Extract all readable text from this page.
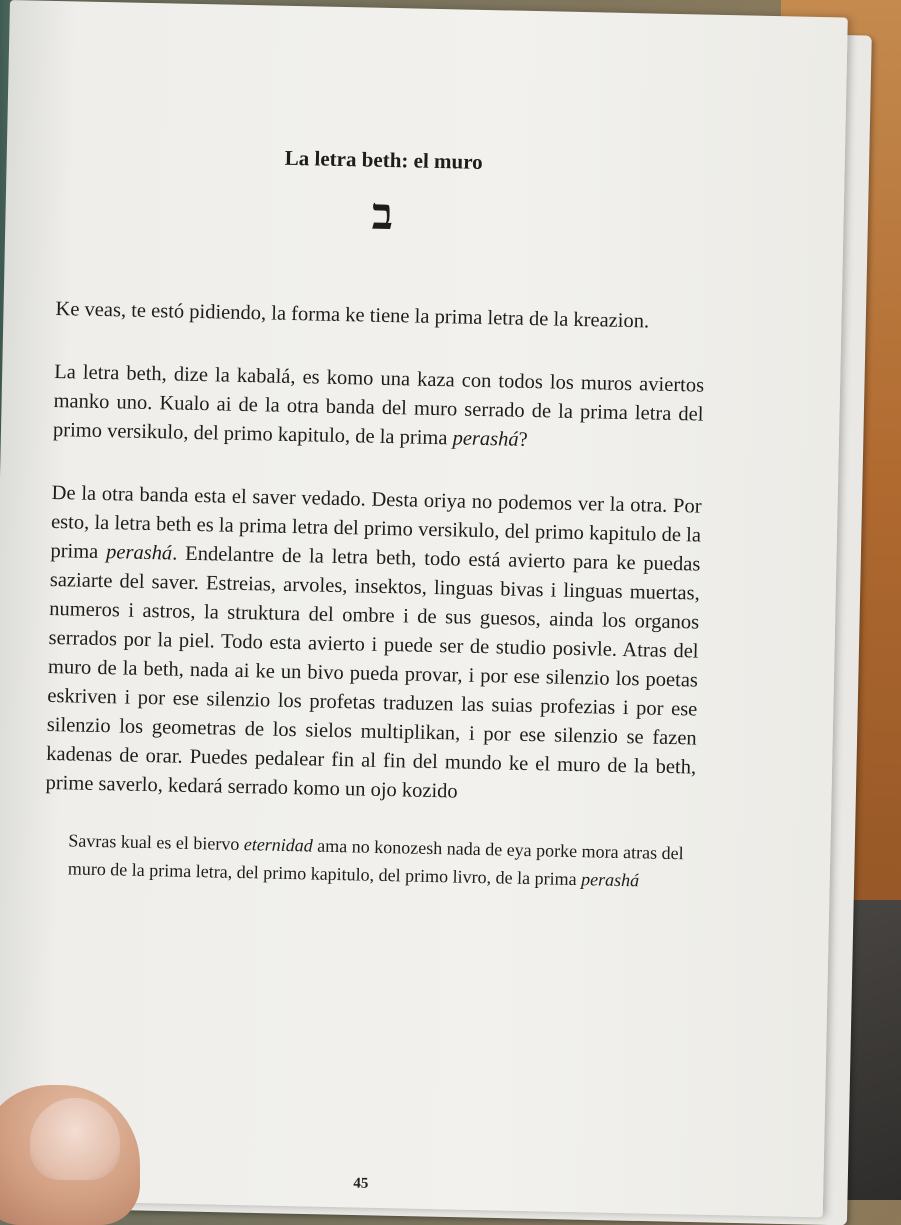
La letra beth: el muro
ב

Ke veas, te estó pidiendo, la forma ke tiene la prima letra de la kreazion.

La letra beth, dize la kabalá, es komo una kaza con todos los muros aviertos manko uno. Kualo ai de la otra banda del muro serrado de la prima letra del primo versikulo, del primo kapitulo, de la prima perashá?

De la otra banda esta el saver vedado. Desta oriya no podemos ver la otra. Por esto, la letra beth es la prima letra del primo versikulo, del primo kapitulo de la prima perashá. Endelantre de la letra beth, todo está avierto para ke puedas saziarte del saver. Estreias, arvoles, insektos, linguas bivas i linguas muertas, numeros i astros, la struktura del ombre i de sus guesos, ainda los organos serrados por la piel. Todo esta avierto i puede ser de studio posivle. Atras del muro de la beth, nada ai ke un bivo pueda provar, i por ese silenzio los poetas eskriven i por ese silenzio los profetas traduzen las suias profezias i por ese silenzio los geometras de los sielos multiplikan, i por ese silenzio se fazen kadenas de orar. Puedes pedalear fin al fin del mundo ke el muro de la beth, prime saverlo, kedará serrado komo un ojo kozido

Savras kual es el biervo eternidad ama no konozesh nada de eya porke mora atras del muro de la prima letra, del primo kapitulo, del primo livro, de la prima perashá

45
